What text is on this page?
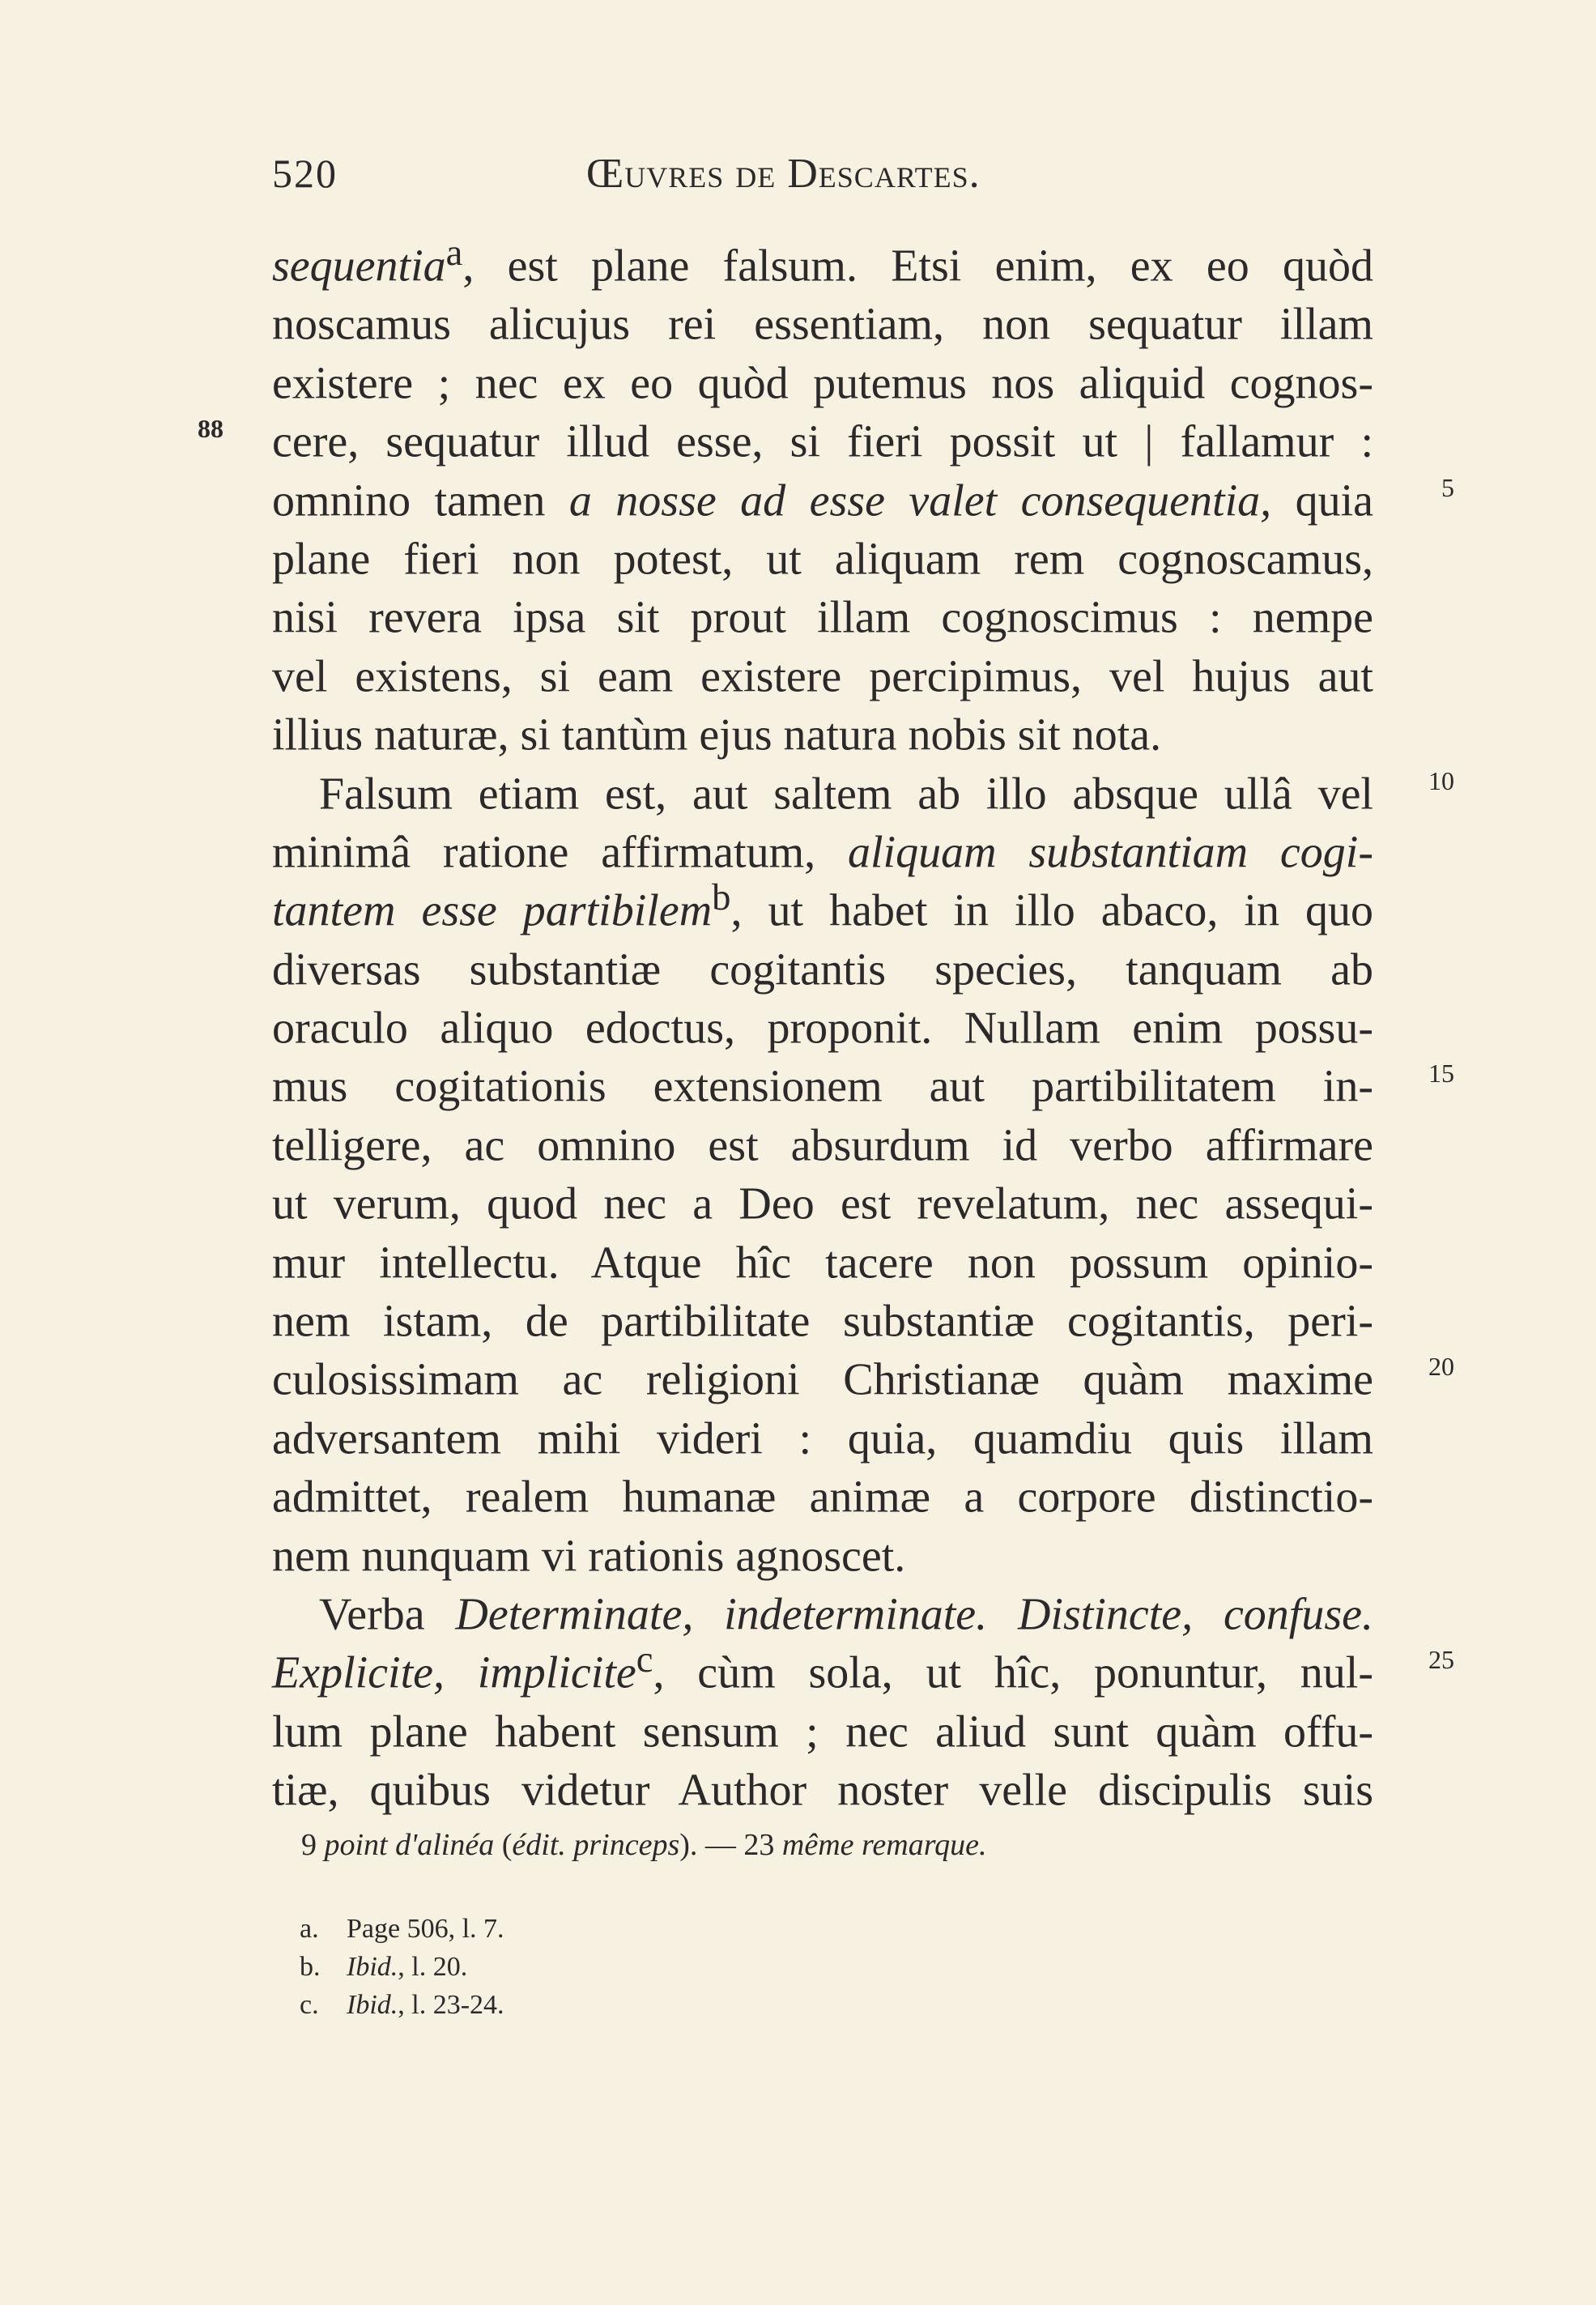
520	Œuvres de Descartes.
sequentia$^a$, est plane falsum. Etsi enim, ex eo quòd
noscamus alicujus rei essentiam, non sequatur illam
existere ; nec ex eo quòd putemus nos aliquid cognos-
88 cere, sequatur illud esse, si fieri possit ut | fallamur :
omnino tamen a nosse ad esse valet consequentia, quia	5
plane fieri non potest, ut aliquam rem cognoscamus,
nisi revera ipsa sit prout illam cognoscimus : nempe
vel existens, si eam existere percipimus, vel hujus aut
illius naturæ, si tantùm ejus natura nobis sit nota.
Falsum etiam est, aut saltem ab illo absque ullâ vel 10
minimâ ratione affirmatum, aliquam substantiam cogi-
tantem esse partibilem$^b$, ut habet in illo abaco, in quo
diversas substantiæ cogitantis species, tanquam ab
oraculo aliquo edoctus, proponit. Nullam enim possu-
mus cogitationis extensionem aut partibilitatem in- 15
telligere, ac omnino est absurdum id verbo affirmare
ut verum, quod nec a Deo est revelatum, nec assequi-
mur intellectu. Atque hîc tacere non possum opinio-
nem istam, de partibilitate substantiæ cogitantis, peri-
culosissimam ac religioni Christianæ quàm maxime 20
adversantem mihi videri : quia, quamdiu quis illam
admittet, realem humanæ animæ a corpore distinctio-
nem nunquam vi rationis agnoscet.
Verba Determinate, indeterminate. Distincte, confuse.
Explicite, implicite$^c$, cùm sola, ut hîc, ponuntur, nul- 25
lum plane habent sensum ; nec aliud sunt quàm offu-
tiæ, quibus videtur Author noster velle discipulis suis
9 point d'alinéa (édit. princeps). — 23 même remarque.
a. Page 506, l. 7.
b. Ibid., l. 20.
c. Ibid., l. 23-24.
